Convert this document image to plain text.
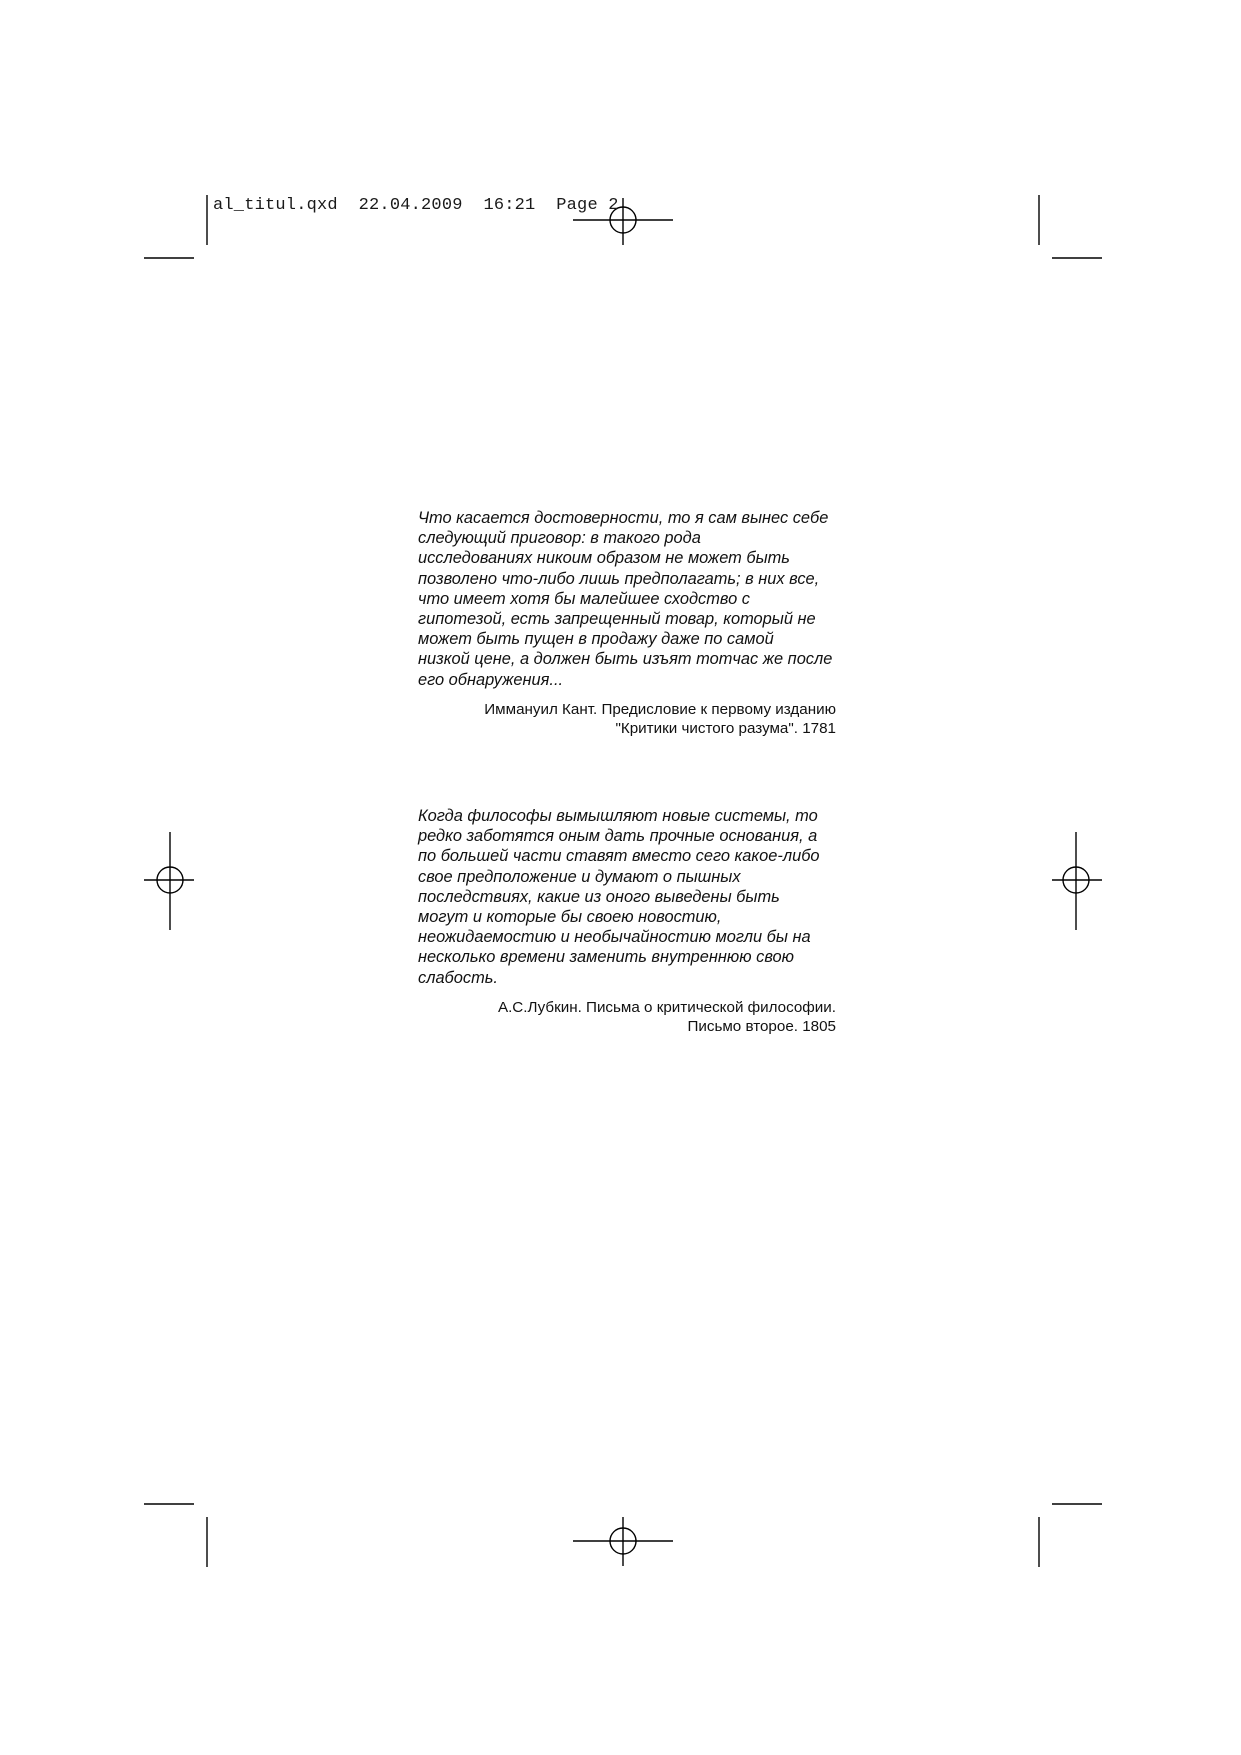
al_titul.qxd  22.04.2009  16:21  Page 2
Что касается достоверности, то я сам вынес себе
следующий приговор: в такого рода
исследованиях никоим образом не может быть
позволено что-либо лишь предполагать; в них все,
что имеет хотя бы малейшее сходство с
гипотезой, есть запрещенный товар, который не
может быть пущен в продажу даже по самой
низкой цене, а должен быть изъят тотчас же после
его обнаружения...
Иммануил Кант. Предисловие к первому изданию
"Критики чистого разума". 1781
Когда философы вымышляют новые системы, то
редко заботятся оным дать прочные основания, а
по большей части ставят вместо сего какое-либо
свое предположение и думают о пышных
последствиях, какие из оного выведены быть
могут и которые бы своею новостию,
неожидаемостию и необычайностию могли бы на
несколько времени заменить внутреннюю свою
слабость.
А.С.Лубкин. Письма о критической философии.
Письмо второе. 1805
